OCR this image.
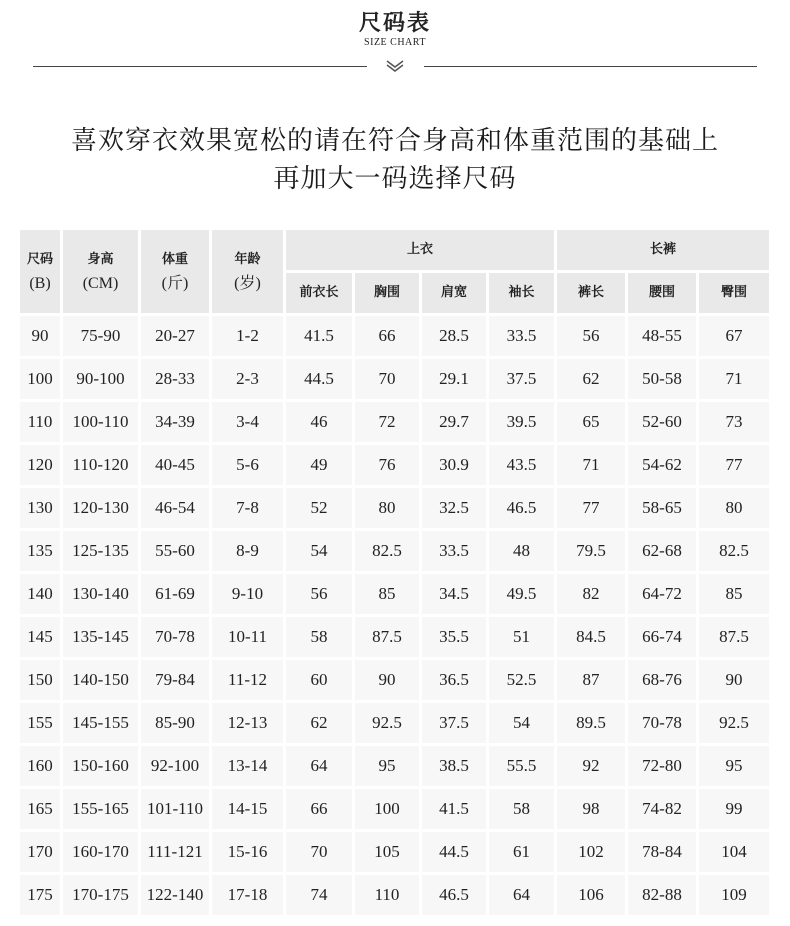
尺码表
SIZE CHART
喜欢穿衣效果宽松的请在符合身高和体重范围的基础上
再加大一码选择尺码
尺码
(B)
身高
(CM)
体重
(斤)
年龄
(岁)
上衣	长裤
前衣长	胸围	肩宽	袖长	裤长	腰围	臀围
90	75-90	20-27	1-2	41.5	66	28.5	33.5	56	48-55	67
100	90-100	28-33	2-3	44.5	70	29.1	37.5	62	50-58	71
110	100-110	34-39	3-4	46	72	29.7	39.5	65	52-60	73
120	110-120	40-45	5-6	49	76	30.9	43.5	71	54-62	77
130	120-130	46-54	7-8	52	80	32.5	46.5	77	58-65	80
135	125-135	55-60	8-9	54	82.5	33.5	48	79.5	62-68	82.5
140	130-140	61-69	9-10	56	85	34.5	49.5	82	64-72	85
145	135-145	70-78	10-11	58	87.5	35.5	51	84.5	66-74	87.5
150	140-150	79-84	11-12	60	90	36.5	52.5	87	68-76	90
155	145-155	85-90	12-13	62	92.5	37.5	54	89.5	70-78	92.5
160	150-160	92-100	13-14	64	95	38.5	55.5	92	72-80	95
165	155-165	101-110	14-15	66	100	41.5	58	98	74-82	99
170	160-170	111-121	15-16	70	105	44.5	61	102	78-84	104
175	170-175	122-140	17-18	74	110	46.5	64	106	82-88	109
